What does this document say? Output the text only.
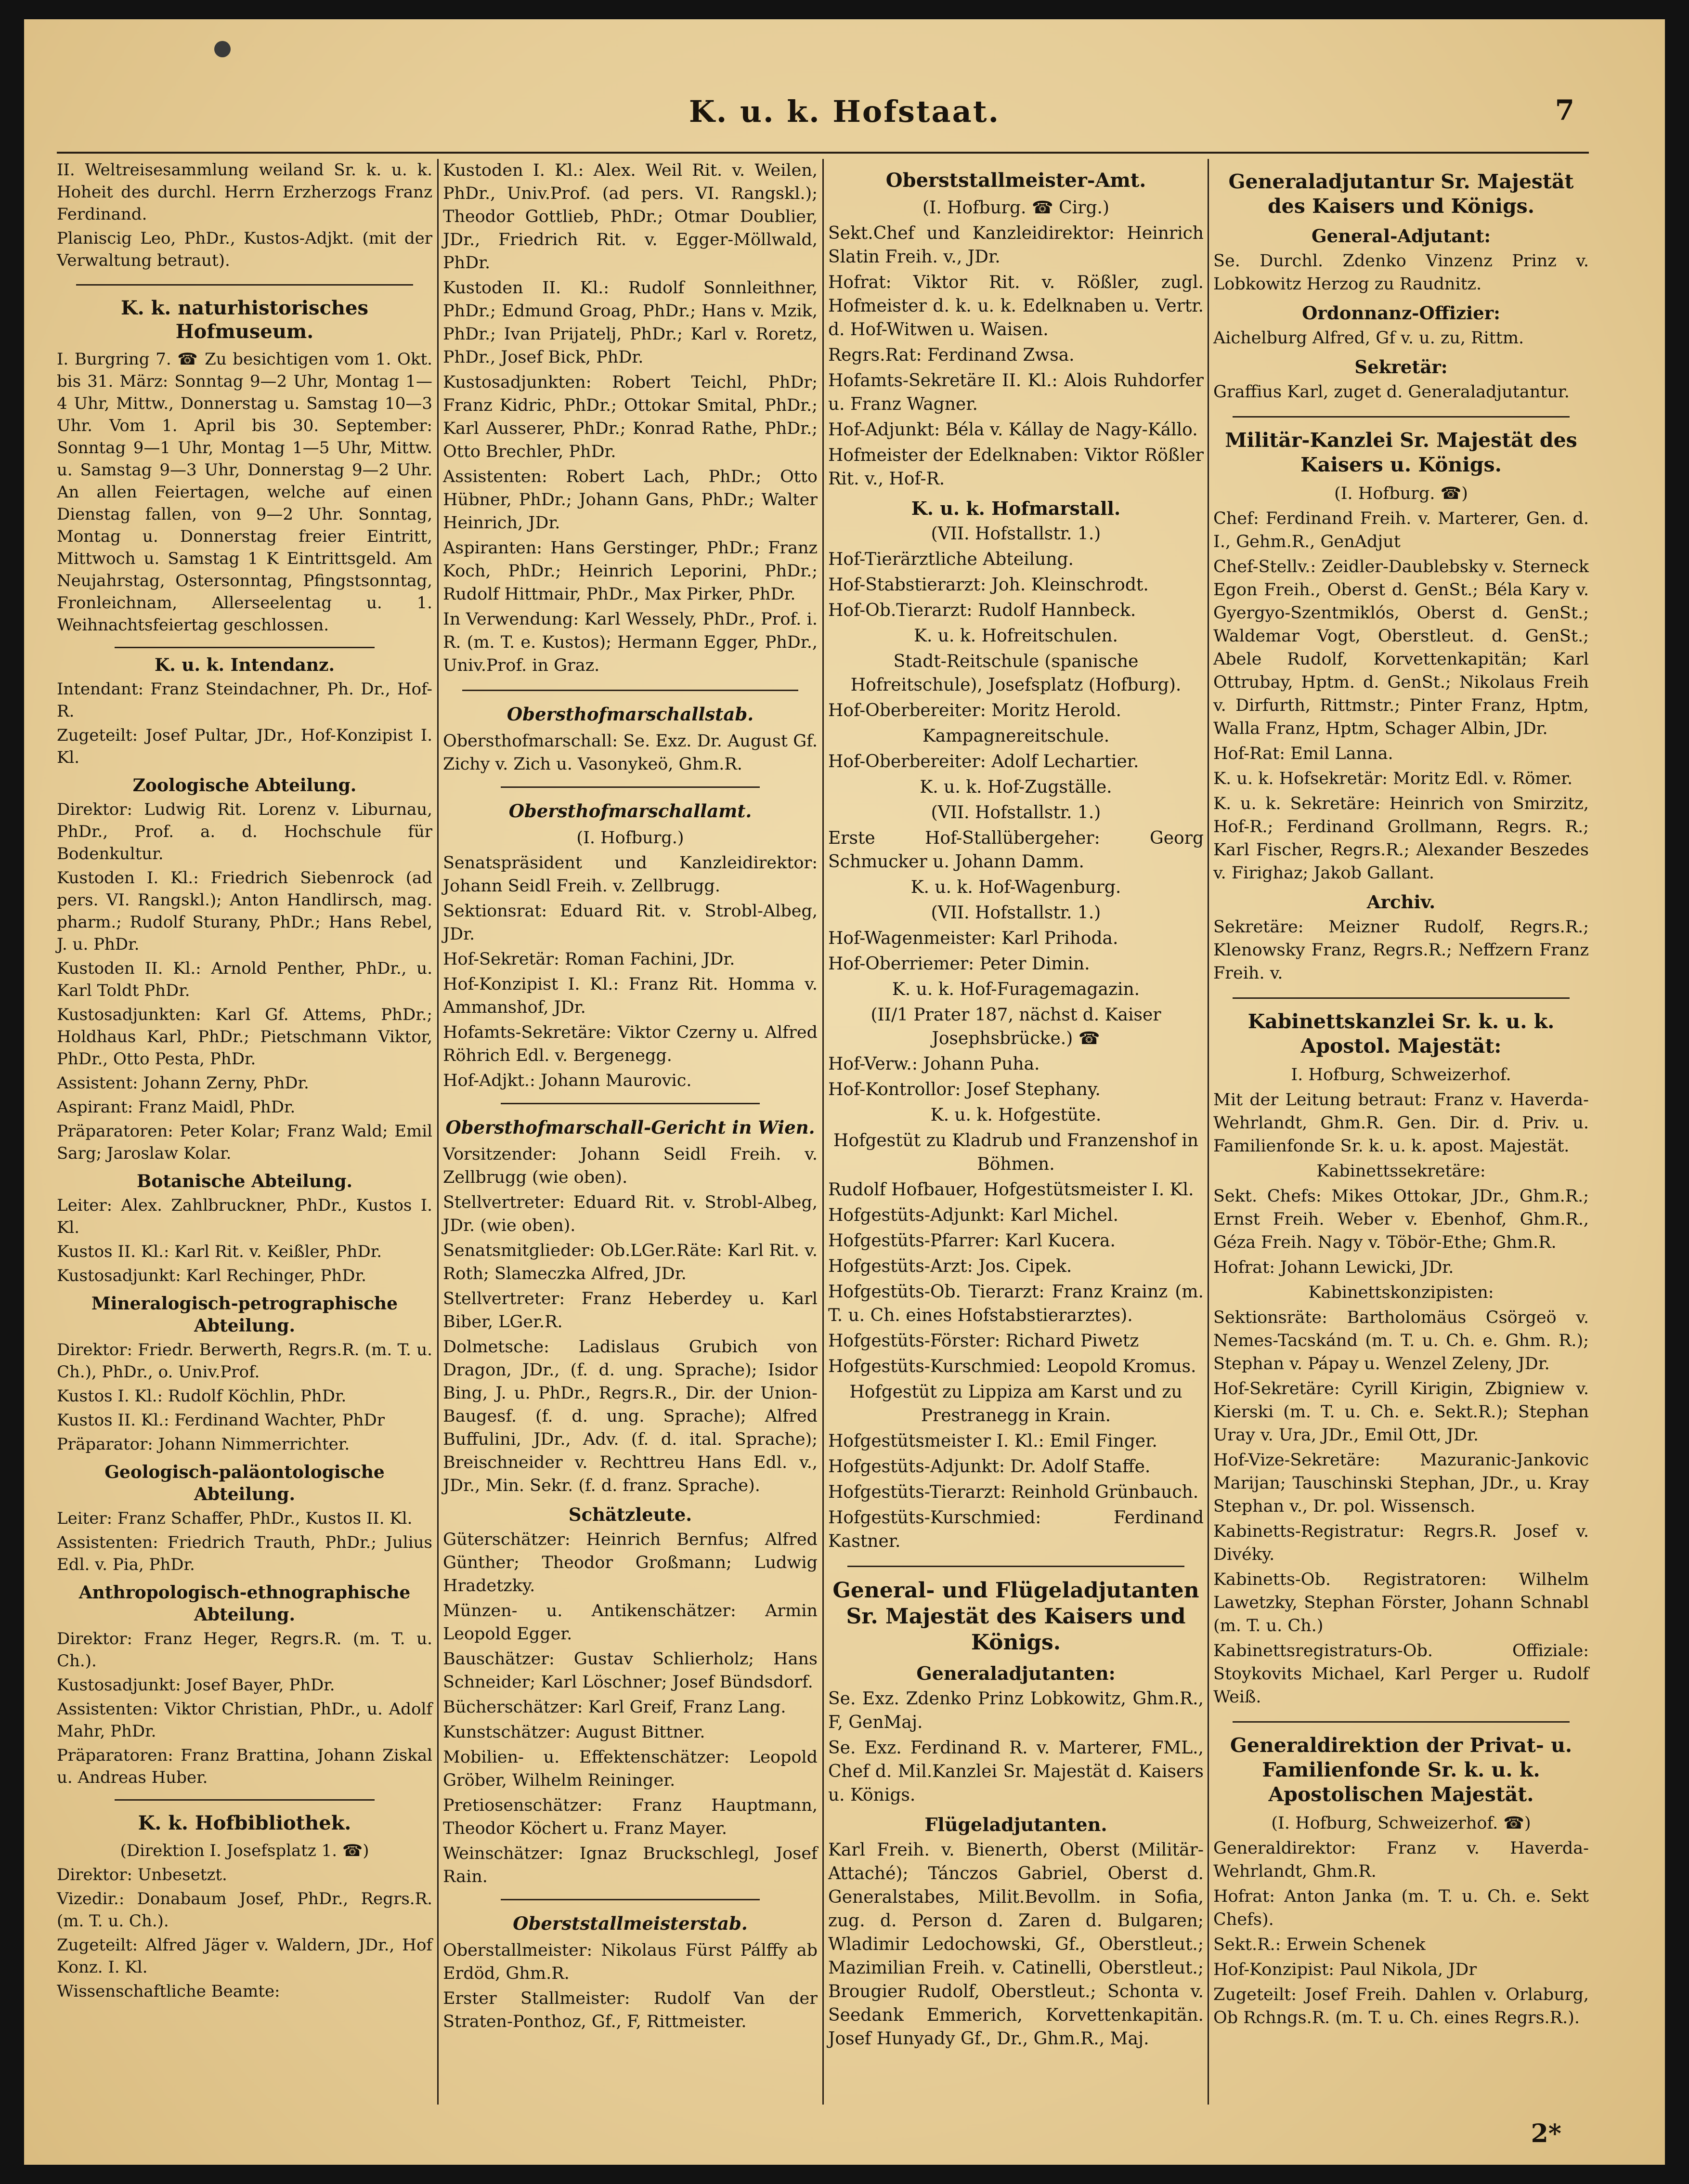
K. u. k. Hofstaat.	7
II. Weltreisesammlung weiland Sr. k. u. k. Hoheit des durchl. Herrn Erzherzogs Franz Ferdinand.
Planiscig Leo, PhDr., Kustos-Adjkt. (mit der Verwaltung betraut).
K. k. naturhistorisches Hofmuseum.
I. Burgring 7. ☎ Zu besichtigen vom 1. Okt. bis 31. März: Sonntag 9—2 Uhr, Montag 1—4 Uhr, Mittw., Donnerstag u. Samstag 10—3 Uhr. Vom 1. April bis 30. September: Sonntag 9—1 Uhr, Montag 1—5 Uhr, Mittw. u. Samstag 9—3 Uhr, Donnerstag 9—2 Uhr. An allen Feiertagen, welche auf einen Dienstag fallen, von 9—2 Uhr. Sonntag, Montag u. Donnerstag freier Eintritt, Mittwoch u. Samstag 1 K Eintrittsgeld. Am Neujahrstag, Ostersonntag, Pfingstsonntag, Fronleichnam, Allerseelentag u. 1. Weihnachtsfeiertag geschlossen.
K. u. k. Intendanz.
Intendant: Franz Steindachner, Ph. Dr., Hof-R.
Zugeteilt: Josef Pultar, JDr., Hof-Konzipist I. Kl.
Zoologische Abteilung.
Direktor: Ludwig Rit. Lorenz v. Liburnau, PhDr., Prof. a. d. Hochschule für Bodenkultur.
Kustoden I. Kl.: Friedrich Siebenrock (ad pers. VI. Rangskl.); Anton Handlirsch, mag. pharm.; Rudolf Sturany, PhDr.; Hans Rebel, J. u. PhDr.
Kustoden II. Kl.: Arnold Penther, PhDr., u. Karl Toldt PhDr.
Kustosadjunkten: Karl Gf. Attems, PhDr.; Holdhaus Karl, PhDr.; Pietschmann Viktor, PhDr., Otto Pesta, PhDr.
Assistent: Johann Zerny, PhDr.
Aspirant: Franz Maidl, PhDr.
Präparatoren: Peter Kolar; Franz Wald; Emil Sarg; Jaroslaw Kolar.
Botanische Abteilung.
Leiter: Alex. Zahlbruckner, PhDr., Kustos I. Kl.
Kustos II. Kl.: Karl Rit. v. Keißler, PhDr.
Kustosadjunkt: Karl Rechinger, PhDr.
Mineralogisch-petrographische Abteilung.
Direktor: Friedr. Berwerth, Regrs.R. (m. T. u. Ch.), PhDr., o. Univ.Prof.
Kustos I. Kl.: Rudolf Köchlin, PhDr.
Kustos II. Kl.: Ferdinand Wachter, PhDr
Präparator: Johann Nimmerrichter.
Geologisch-paläontologische Abteilung.
Leiter: Franz Schaffer, PhDr., Kustos II. Kl.
Assistenten: Friedrich Trauth, PhDr.; Julius Edl. v. Pia, PhDr.
Anthropologisch-ethnographische Abteilung.
Direktor: Franz Heger, Regrs.R. (m. T. u. Ch.).
Kustosadjunkt: Josef Bayer, PhDr.
Assistenten: Viktor Christian, PhDr., u. Adolf Mahr, PhDr.
Präparatoren: Franz Brattina, Johann Ziskal u. Andreas Huber.
K. k. Hofbibliothek.
(Direktion I. Josefsplatz 1. ☎)
Direktor: Unbesetzt.
Vizedir.: Donabaum Josef, PhDr., Regrs.R. (m. T. u. Ch.).
Zugeteilt: Alfred Jäger v. Waldern, JDr., Hof Konz. I. Kl.
Wissenschaftliche Beamte:
Kustoden I. Kl.: Alex. Weil Rit. v. Weilen, PhDr., Univ.Prof. (ad pers. VI. Rangskl.); Theodor Gottlieb, PhDr.; Otmar Doublier, JDr., Friedrich Rit. v. Egger-Möllwald, PhDr.
Kustoden II. Kl.: Rudolf Sonnleithner, PhDr.; Edmund Groag, PhDr.; Hans v. Mzik, PhDr.; Ivan Prijatelj, PhDr.; Karl v. Roretz, PhDr., Josef Bick, PhDr.
Kustosadjunkten: Robert Teichl, PhDr; Franz Kidric, PhDr.; Ottokar Smital, PhDr.; Karl Ausserer, PhDr.; Konrad Rathe, PhDr.; Otto Brechler, PhDr.
Assistenten: Robert Lach, PhDr.; Otto Hübner, PhDr.; Johann Gans, PhDr.; Walter Heinrich, JDr.
Aspiranten: Hans Gerstinger, PhDr.; Franz Koch, PhDr.; Heinrich Leporini, PhDr.; Rudolf Hittmair, PhDr., Max Pirker, PhDr.
In Verwendung: Karl Wessely, PhDr., Prof. i. R. (m. T. e. Kustos); Hermann Egger, PhDr., Univ.Prof. in Graz.
Obersthofmarschallstab.
Obersthofmarschall: Se. Exz. Dr. August Gf. Zichy v. Zich u. Vasonykeö, Ghm.R.
Obersthofmarschallamt.
(I. Hofburg.)
Senatspräsident und Kanzleidirektor: Johann Seidl Freih. v. Zellbrugg.
Sektionsrat: Eduard Rit. v. Strobl-Albeg, JDr.
Hof-Sekretär: Roman Fachini, JDr.
Hof-Konzipist I. Kl.: Franz Rit. Homma v. Ammanshof, JDr.
Hofamts-Sekretäre: Viktor Czerny u. Alfred Röhrich Edl. v. Bergenegg.
Hof-Adjkt.: Johann Maurovic.
Obersthofmarschall-Gericht in Wien.
Vorsitzender: Johann Seidl Freih. v. Zellbrugg (wie oben).
Stellvertreter: Eduard Rit. v. Strobl-Albeg, JDr. (wie oben).
Senatsmitglieder: Ob.LGer.Räte: Karl Rit. v. Roth; Slameczka Alfred, JDr.
Stellvertreter: Franz Heberdey u. Karl Biber, LGer.R.
Dolmetsche: Ladislaus Grubich von Dragon, JDr., (f. d. ung. Sprache); Isidor Bing, J. u. PhDr., Regrs.R., Dir. der Union-Baugesf. (f. d. ung. Sprache); Alfred Buffulini, JDr., Adv. (f. d. ital. Sprache); Breischneider v. Rechttreu Hans Edl. v., JDr., Min. Sekr. (f. d. franz. Sprache).
Schätzleute.
Güterschätzer: Heinrich Bernfus; Alfred Günther; Theodor Großmann; Ludwig Hradetzky.
Münzen- u. Antikenschätzer: Armin Leopold Egger.
Bauschätzer: Gustav Schlierholz; Hans Schneider; Karl Löschner; Josef Bündsdorf.
Bücherschätzer: Karl Greif, Franz Lang.
Kunstschätzer: August Bittner.
Mobilien- u. Effektenschätzer: Leopold Gröber, Wilhelm Reininger.
Pretiosenschätzer: Franz Hauptmann, Theodor Köchert u. Franz Mayer.
Weinschätzer: Ignaz Bruckschlegl, Josef Rain.
Oberststallmeisterstab.
Oberstallmeister: Nikolaus Fürst Pálffy ab Erdöd, Ghm.R.
Erster Stallmeister: Rudolf Van der Straten-Ponthoz, Gf., F, Rittmeister.
Oberststallmeister-Amt.
(I. Hofburg. ☎ Cirg.)
Sekt.Chef und Kanzleidirektor: Heinrich Slatin Freih. v., JDr.
Hofrat: Viktor Rit. v. Rößler, zugl. Hofmeister d. k. u. k. Edelknaben u. Vertr. d. Hof-Witwen u. Waisen.
Regrs.Rat: Ferdinand Zwsa.
Hofamts-Sekretäre II. Kl.: Alois Ruhdorfer u. Franz Wagner.
Hof-Adjunkt: Béla v. Kállay de Nagy-Kállo.
Hofmeister der Edelknaben: Viktor Rößler Rit. v., Hof-R.
K. u. k. Hofmarstall.
(VII. Hofstallstr. 1.)
Hof-Tierärztliche Abteilung.
Hof-Stabstierarzt: Joh. Kleinschrodt.
Hof-Ob.Tierarzt: Rudolf Hannbeck.
K. u. k. Hofreitschulen.
Stadt-Reitschule (spanische Hofreitschule), Josefsplatz (Hofburg).
Hof-Oberbereiter: Moritz Herold.
Kampagnereitschule.
Hof-Oberbereiter: Adolf Lechartier.
K. u. k. Hof-Zugställe.
(VII. Hofstallstr. 1.)
Erste Hof-Stallübergeher: Georg Schmucker u. Johann Damm.
K. u. k. Hof-Wagenburg.
(VII. Hofstallstr. 1.)
Hof-Wagenmeister: Karl Prihoda.
Hof-Oberriemer: Peter Dimin.
K. u. k. Hof-Furagemagazin.
(II/1 Prater 187, nächst d. Kaiser Josephsbrücke.) ☎
Hof-Verw.: Johann Puha.
Hof-Kontrollor: Josef Stephany.
K. u. k. Hofgestüte.
Hofgestüt zu Kladrub und Franzenshof in Böhmen.
Rudolf Hofbauer, Hofgestütsmeister I. Kl.
Hofgestüts-Adjunkt: Karl Michel.
Hofgestüts-Pfarrer: Karl Kucera.
Hofgestüts-Arzt: Jos. Cipek.
Hofgestüts-Ob. Tierarzt: Franz Krainz (m. T. u. Ch. eines Hofstabstierarztes).
Hofgestüts-Förster: Richard Piwetz
Hofgestüts-Kurschmied: Leopold Kromus.
Hofgestüt zu Lippiza am Karst und zu Prestranegg in Krain.
Hofgestütsmeister I. Kl.: Emil Finger.
Hofgestüts-Adjunkt: Dr. Adolf Staffe.
Hofgestüts-Tierarzt: Reinhold Grünbauch.
Hofgestüts-Kurschmied: Ferdinand Kastner.
General- und Flügeladjutanten Sr. Majestät des Kaisers und Königs.
Generaladjutanten:
Se. Exz. Zdenko Prinz Lobkowitz, Ghm.R., F, GenMaj.
Se. Exz. Ferdinand R. v. Marterer, FML., Chef d. Mil.Kanzlei Sr. Majestät d. Kaisers u. Königs.
Flügeladjutanten.
Karl Freih. v. Bienerth, Oberst (Militär-Attaché); Tánczos Gabriel, Oberst d. Generalstabes, Milit.Bevollm. in Sofia, zug. d. Person d. Zaren d. Bulgaren; Wladimir Ledochowski, Gf., Oberstleut.; Mazimilian Freih. v. Catinelli, Oberstleut.; Brougier Rudolf, Oberstleut.; Schonta v. Seedank Emmerich, Korvettenkapitän. Josef Hunyady Gf., Dr., Ghm.R., Maj.
Generaladjutantur Sr. Majestät des Kaisers und Königs.
General-Adjutant:
Se. Durchl. Zdenko Vinzenz Prinz v. Lobkowitz Herzog zu Raudnitz.
Ordonnanz-Offizier:
Aichelburg Alfred, Gf v. u. zu, Rittm.
Sekretär:
Graffius Karl, zuget d. Generaladjutantur.
Militär-Kanzlei Sr. Majestät des Kaisers u. Königs.
(I. Hofburg. ☎)
Chef: Ferdinand Freih. v. Marterer, Gen. d. I., Gehm.R., GenAdjut
Chef-Stellv.: Zeidler-Daublebsky v. Sterneck Egon Freih., Oberst d. GenSt.; Béla Kary v. Gyergyo-Szentmiklós, Oberst d. GenSt.; Waldemar Vogt, Oberstleut. d. GenSt.; Abele Rudolf, Korvettenkapitän; Karl Ottrubay, Hptm. d. GenSt.; Nikolaus Freih v. Dirfurth, Rittmstr.; Pinter Franz, Hptm, Walla Franz, Hptm, Schager Albin, JDr.
Hof-Rat: Emil Lanna.
K. u. k. Hofsekretär: Moritz Edl. v. Römer.
K. u. k. Sekretäre: Heinrich von Smirzitz, Hof-R.; Ferdinand Grollmann, Regrs. R.; Karl Fischer, Regrs.R.; Alexander Beszedes v. Firighaz; Jakob Gallant.
Archiv.
Sekretäre: Meizner Rudolf, Regrs.R.; Klenowsky Franz, Regrs.R.; Neffzern Franz Freih. v.
Kabinettskanzlei Sr. k. u. k. Apostol. Majestät:
I. Hofburg, Schweizerhof.
Mit der Leitung betraut: Franz v. Haverda-Wehrlandt, Ghm.R. Gen. Dir. d. Priv. u. Familienfonde Sr. k. u. k. apost. Majestät.
Kabinettssekretäre:
Sekt. Chefs: Mikes Ottokar, JDr., Ghm.R.; Ernst Freih. Weber v. Ebenhof, Ghm.R., Géza Freih. Nagy v. Töbör-Ethe; Ghm.R.
Hofrat: Johann Lewicki, JDr.
Kabinettskonzipisten:
Sektionsräte: Bartholomäus Csörgeö v. Nemes-Tacskánd (m. T. u. Ch. e. Ghm. R.); Stephan v. Pápay u. Wenzel Zeleny, JDr.
Hof-Sekretäre: Cyrill Kirigin, Zbigniew v. Kierski (m. T. u. Ch. e. Sekt.R.); Stephan Uray v. Ura, JDr., Emil Ott, JDr.
Hof-Vize-Sekretäre: Mazuranic-Jankovic Marijan; Tauschinski Stephan, JDr., u. Kray Stephan v., Dr. pol. Wissensch.
Kabinetts-Registratur: Regrs.R. Josef v. Divéky.
Kabinetts-Ob. Registratoren: Wilhelm Lawetzky, Stephan Förster, Johann Schnabl (m. T. u. Ch.)
Kabinettsregistraturs-Ob. Offiziale: Stoykovits Michael, Karl Perger u. Rudolf Weiß.
Generaldirektion der Privat- u. Familienfonde Sr. k. u. k. Apostolischen Majestät.
(I. Hofburg, Schweizerhof. ☎)
Generaldirektor: Franz v. Haverda-Wehrlandt, Ghm.R.
Hofrat: Anton Janka (m. T. u. Ch. e. Sekt Chefs).
Sekt.R.: Erwein Schenek
Hof-Konzipist: Paul Nikola, JDr
Zugeteilt: Josef Freih. Dahlen v. Orlaburg, Ob Rchngs.R. (m. T. u. Ch. eines Regrs.R.).
2*
